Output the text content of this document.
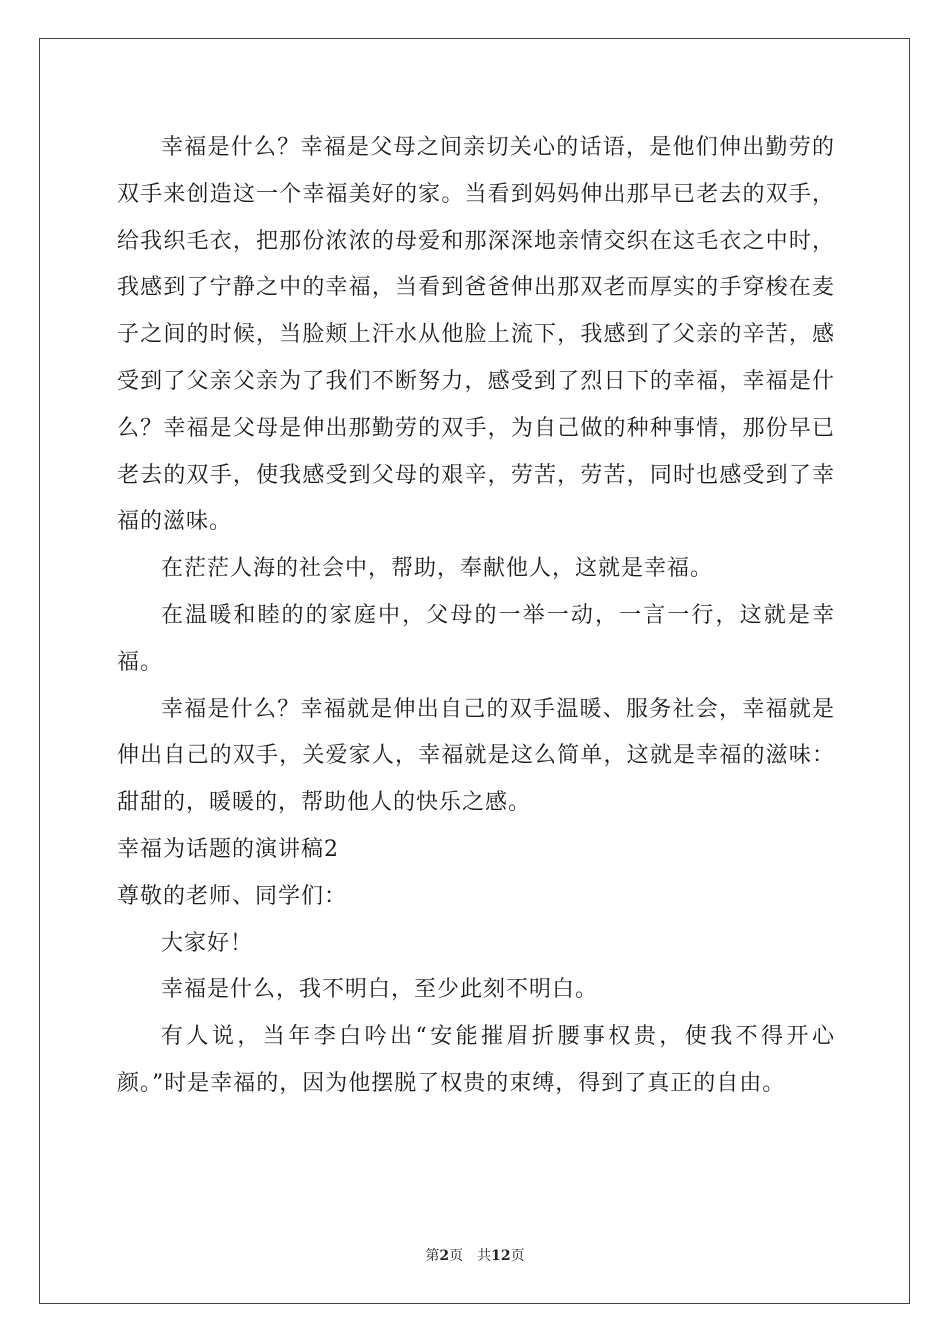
幸福是什么？幸福是父母之间亲切关心的话语，是他们伸出勤劳的双手来创造这一个幸福美好的家。当看到妈妈伸出那早已老去的双手，给我织毛衣，把那份浓浓的母爱和那深深地亲情交织在这毛衣之中时，我感到了宁静之中的幸福，当看到爸爸伸出那双老而厚实的手穿梭在麦子之间的时候，当脸颊上汗水从他脸上流下，我感到了父亲的辛苦，感受到了父亲父亲为了我们不断努力，感受到了烈日下的幸福，幸福是什么？幸福是父母是伸出那勤劳的双手，为自己做的种种事情，那份早已老去的双手，使我感受到父母的艰辛，劳苦，劳苦，同时也感受到了幸福的滋味。

在茫茫人海的社会中，帮助，奉献他人，这就是幸福。

在温暖和睦的的家庭中，父母的一举一动，一言一行，这就是幸福。

幸福是什么？幸福就是伸出自己的双手温暖、服务社会，幸福就是伸出自己的双手，关爱家人，幸福就是这么简单，这就是幸福的滋味：甜甜的，暖暖的，帮助他人的快乐之感。

幸福为话题的演讲稿2

尊敬的老师、同学们：

大家好！

幸福是什么，我不明白，至少此刻不明白。

有人说，当年李白吟出“安能摧眉折腰事权贵，使我不得开心颜。”时是幸福的，因为他摆脱了权贵的束缚，得到了真正的自由。

第2页　共12页
